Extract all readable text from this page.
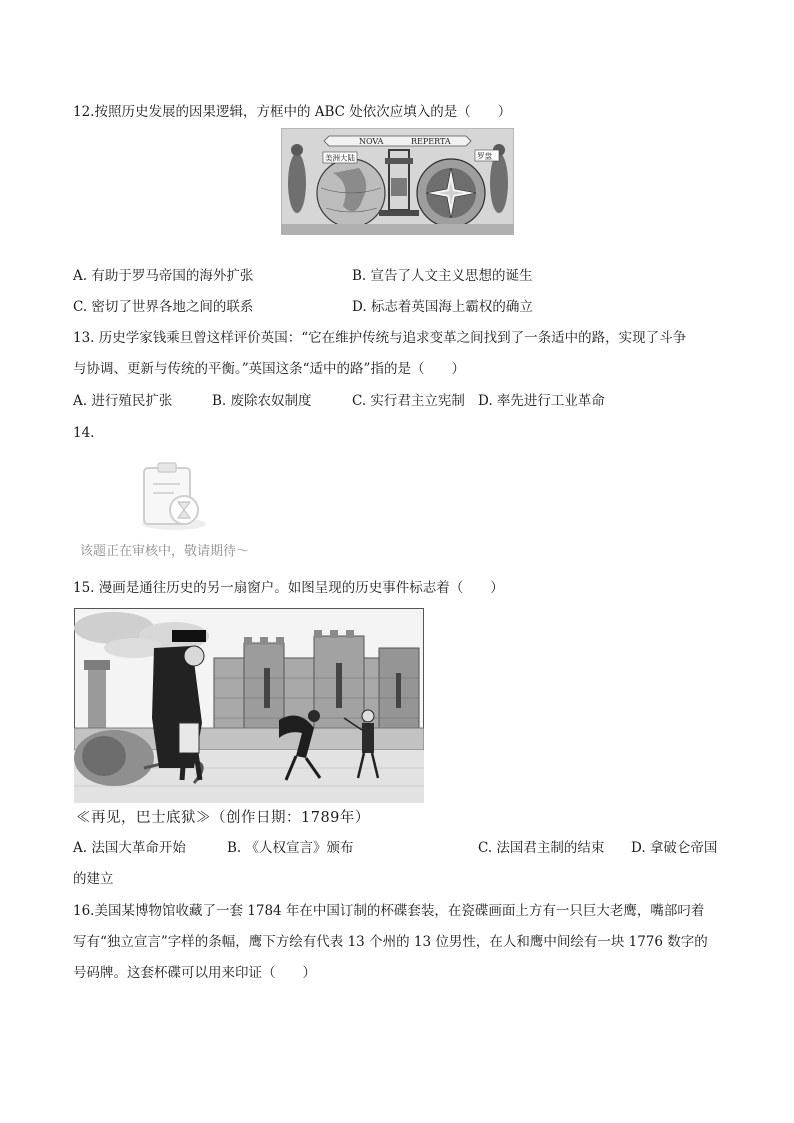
12.按照历史发展的因果逻辑，方框中的 ABC 处依次应填入的是（　　）
NOVA	REPERTA
美洲大陆	罗盘
A. 有助于罗马帝国的海外扩张	B. 宣告了人文主义思想的诞生
C. 密切了世界各地之间的联系	D. 标志着英国海上霸权的确立
13. 历史学家钱乘旦曾这样评价英国：“它在维护传统与追求变革之间找到了一条适中的路，实现了斗争
与协调、更新与传统的平衡。”英国这条“适中的路”指的是（　　）
A. 进行殖民扩张	B. 废除农奴制度	C. 实行君主立宪制 D. 率先进行工业革命
14.
该题正在审核中，敬请期待～
15. 漫画是通往历史的另一扇窗户。如图呈现的历史事件标志着（　　）
≪再见，巴士底狱≫（创作日期：1789年）
A. 法国大革命开始	B. 《人权宣言》颁布	C. 法国君主制的结束 D. 拿破仑帝国
的建立
16.美国某博物馆收藏了一套 1784 年在中国订制的杯碟套装，在瓷碟画面上方有一只巨大老鹰，嘴部叼着
写有“独立宣言”字样的条幅，鹰下方绘有代表 13 个州的 13 位男性，在人和鹰中间绘有一块 1776 数字的
号码牌。这套杯碟可以用来印证（　　）
